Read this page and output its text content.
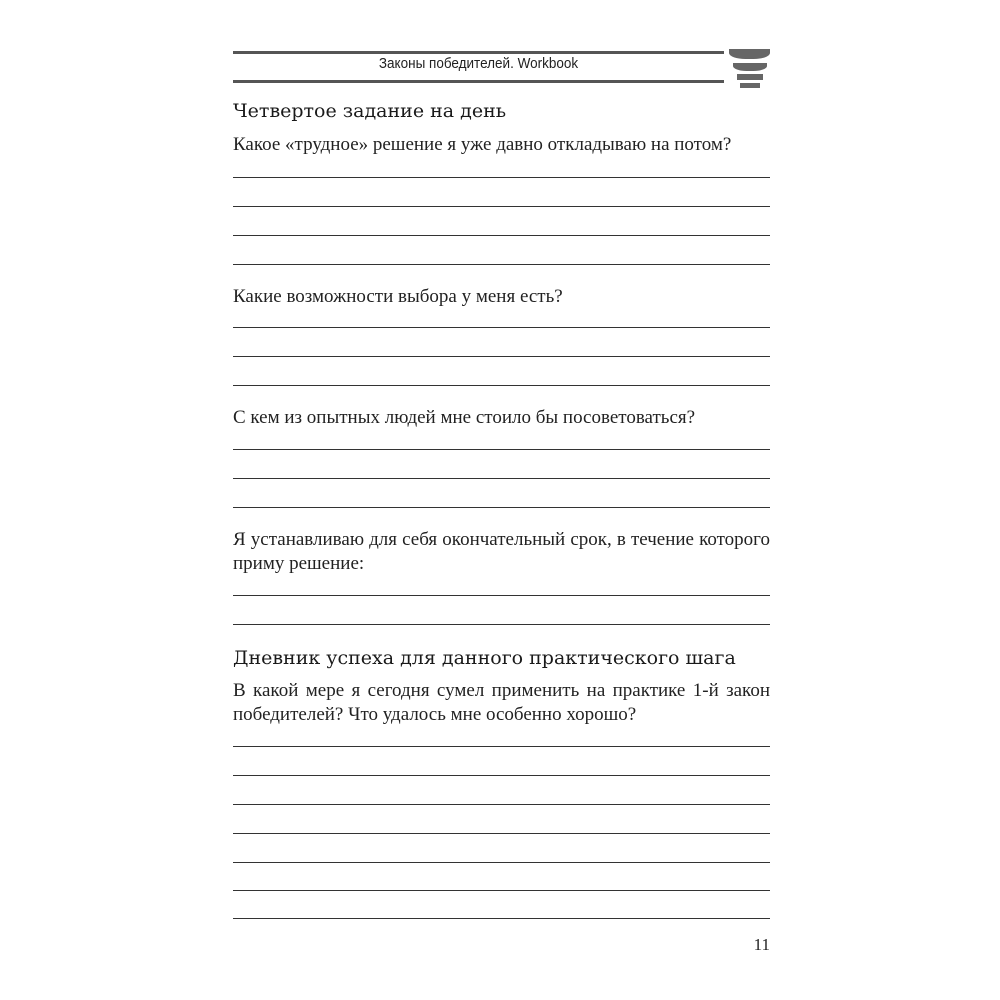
Законы победителей. Workbook
Четвертое задание на день
Какое «трудное» решение я уже давно откладываю на потом?
Какие возможности выбора у меня есть?
С кем из опытных людей мне стоило бы посоветоваться?
Я устанавливаю для себя окончательный срок, в течение которого приму решение:
Дневник успеха для данного практического шага
В какой мере я сегодня сумел применить на практике 1-й закон победителей? Что удалось мне особенно хорошо?
11
